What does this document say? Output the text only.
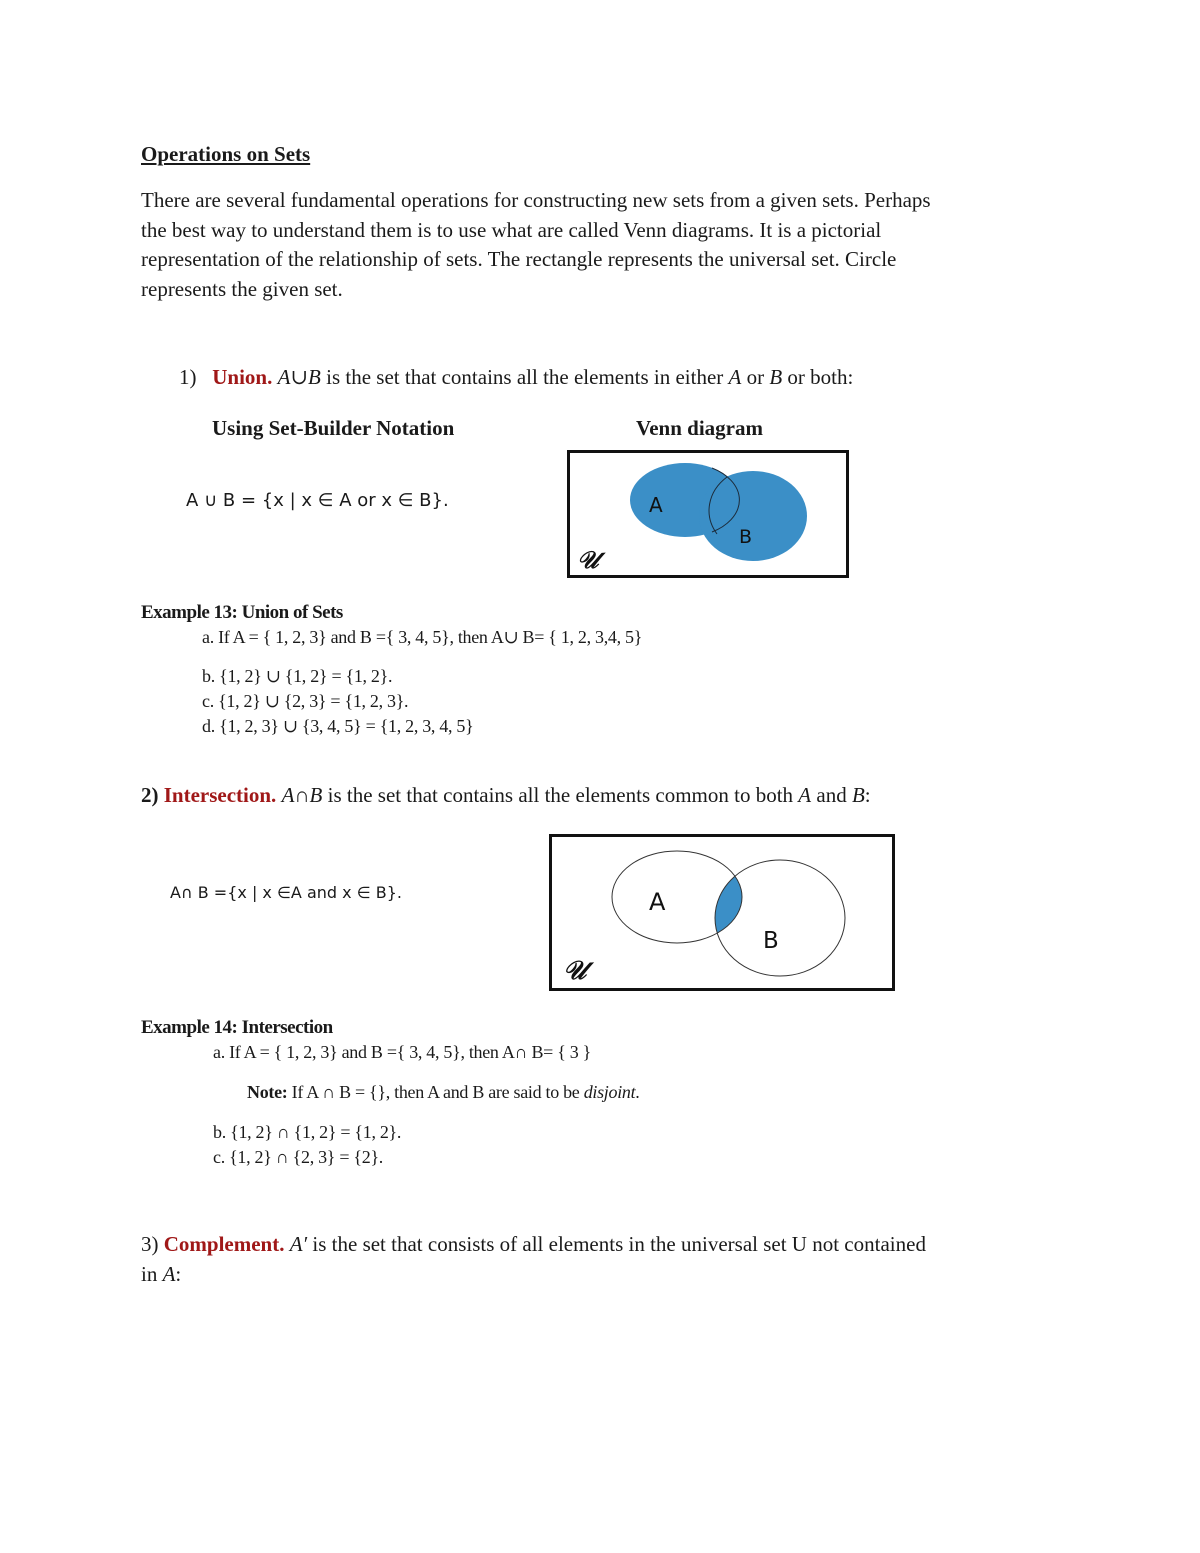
Operations on Sets
There are several fundamental operations for constructing new sets from a given sets. Perhaps
the best way to understand them is to use what are called Venn diagrams. It is a pictorial
representation of the relationship of sets. The rectangle represents the universal set. Circle
represents the given set.
1) Union. A∪B is the set that contains all the elements in either A or B or both:
Using Set-Builder Notation	Venn diagram
A ∪ B = {x | x ∈ A or x ∈ B}.	A
B
𝒰
Example 13: Union of Sets
a. If A = { 1, 2, 3} and B ={ 3, 4, 5}, then A∪ B= { 1, 2, 3,4, 5}
b. {1, 2} ∪ {1, 2} = {1, 2}.
c. {1, 2} ∪ {2, 3} = {1, 2, 3}.
d. {1, 2, 3} ∪ {3, 4, 5} = {1, 2, 3, 4, 5}
2) Intersection. A∩B is the set that contains all the elements common to both A and B:
A∩ B ={x | x ∈A and x ∈ B}.	A
B
𝒰
Example 14: Intersection
a. If A = { 1, 2, 3} and B ={ 3, 4, 5}, then A∩ B= { 3 }
Note: If A ∩ B = {}, then A and B are said to be disjoint.
b. {1, 2} ∩ {1, 2} = {1, 2}.
c. {1, 2} ∩ {2, 3} = {2}.
3) Complement. A′ is the set that consists of all elements in the universal set U not contained
in A:
